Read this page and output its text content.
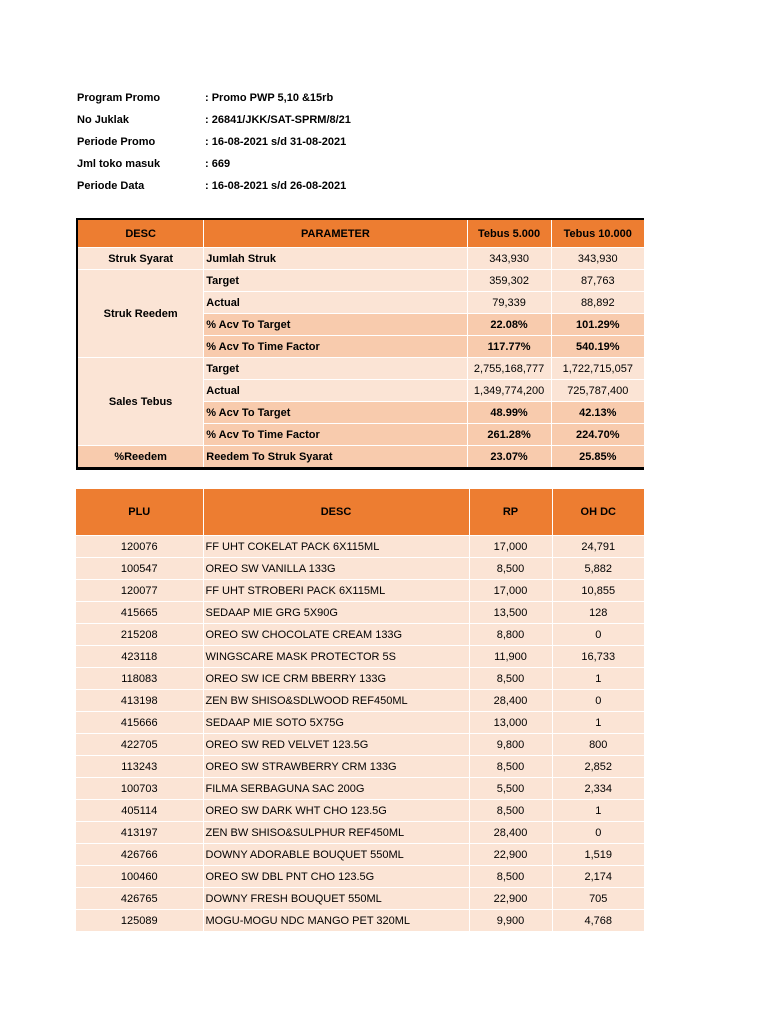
Program Promo	: Promo PWP 5,10 &15rb
No Juklak	: 26841/JKK/SAT-SPRM/8/21
Periode Promo	: 16-08-2021 s/d 31-08-2021
Jml toko masuk	: 669
Periode Data	: 16-08-2021 s/d 26-08-2021
DESC	PARAMETER	Tebus 5.000	Tebus 10.000
Struk Syarat	Jumlah Struk	343,930	343,930
Struk Reedem	Target	359,302	87,763
	Actual	79,339	88,892
	% Acv To Target	22.08%	101.29%
	% Acv To Time Factor	117.77%	540.19%
Sales Tebus	Target	2,755,168,777	1,722,715,057
	Actual	1,349,774,200	725,787,400
	% Acv To Target	48.99%	42.13%
	% Acv To Time Factor	261.28%	224.70%
%Reedem	Reedem To Struk Syarat	23.07%	25.85%
PLU	DESC	RP	OH DC
120076	FF UHT COKELAT PACK 6X115ML	17,000	24,791
100547	OREO SW VANILLA 133G	8,500	5,882
120077	FF UHT STROBERI PACK 6X115ML	17,000	10,855
415665	SEDAAP MIE GRG 5X90G	13,500	128
215208	OREO SW CHOCOLATE CREAM 133G	8,800	0
423118	WINGSCARE MASK PROTECTOR 5S	11,900	16,733
118083	OREO SW ICE CRM BBERRY 133G	8,500	1
413198	ZEN BW SHISO&SDLWOOD REF450ML	28,400	0
415666	SEDAAP MIE SOTO 5X75G	13,000	1
422705	OREO SW RED VELVET 123.5G	9,800	800
113243	OREO SW STRAWBERRY CRM 133G	8,500	2,852
100703	FILMA SERBAGUNA SAC 200G	5,500	2,334
405114	OREO SW DARK WHT CHO 123.5G	8,500	1
413197	ZEN BW SHISO&SULPHUR REF450ML	28,400	0
426766	DOWNY ADORABLE BOUQUET 550ML	22,900	1,519
100460	OREO SW DBL PNT CHO 123.5G	8,500	2,174
426765	DOWNY FRESH BOUQUET 550ML	22,900	705
125089	MOGU-MOGU NDC MANGO PET 320ML	9,900	4,768
